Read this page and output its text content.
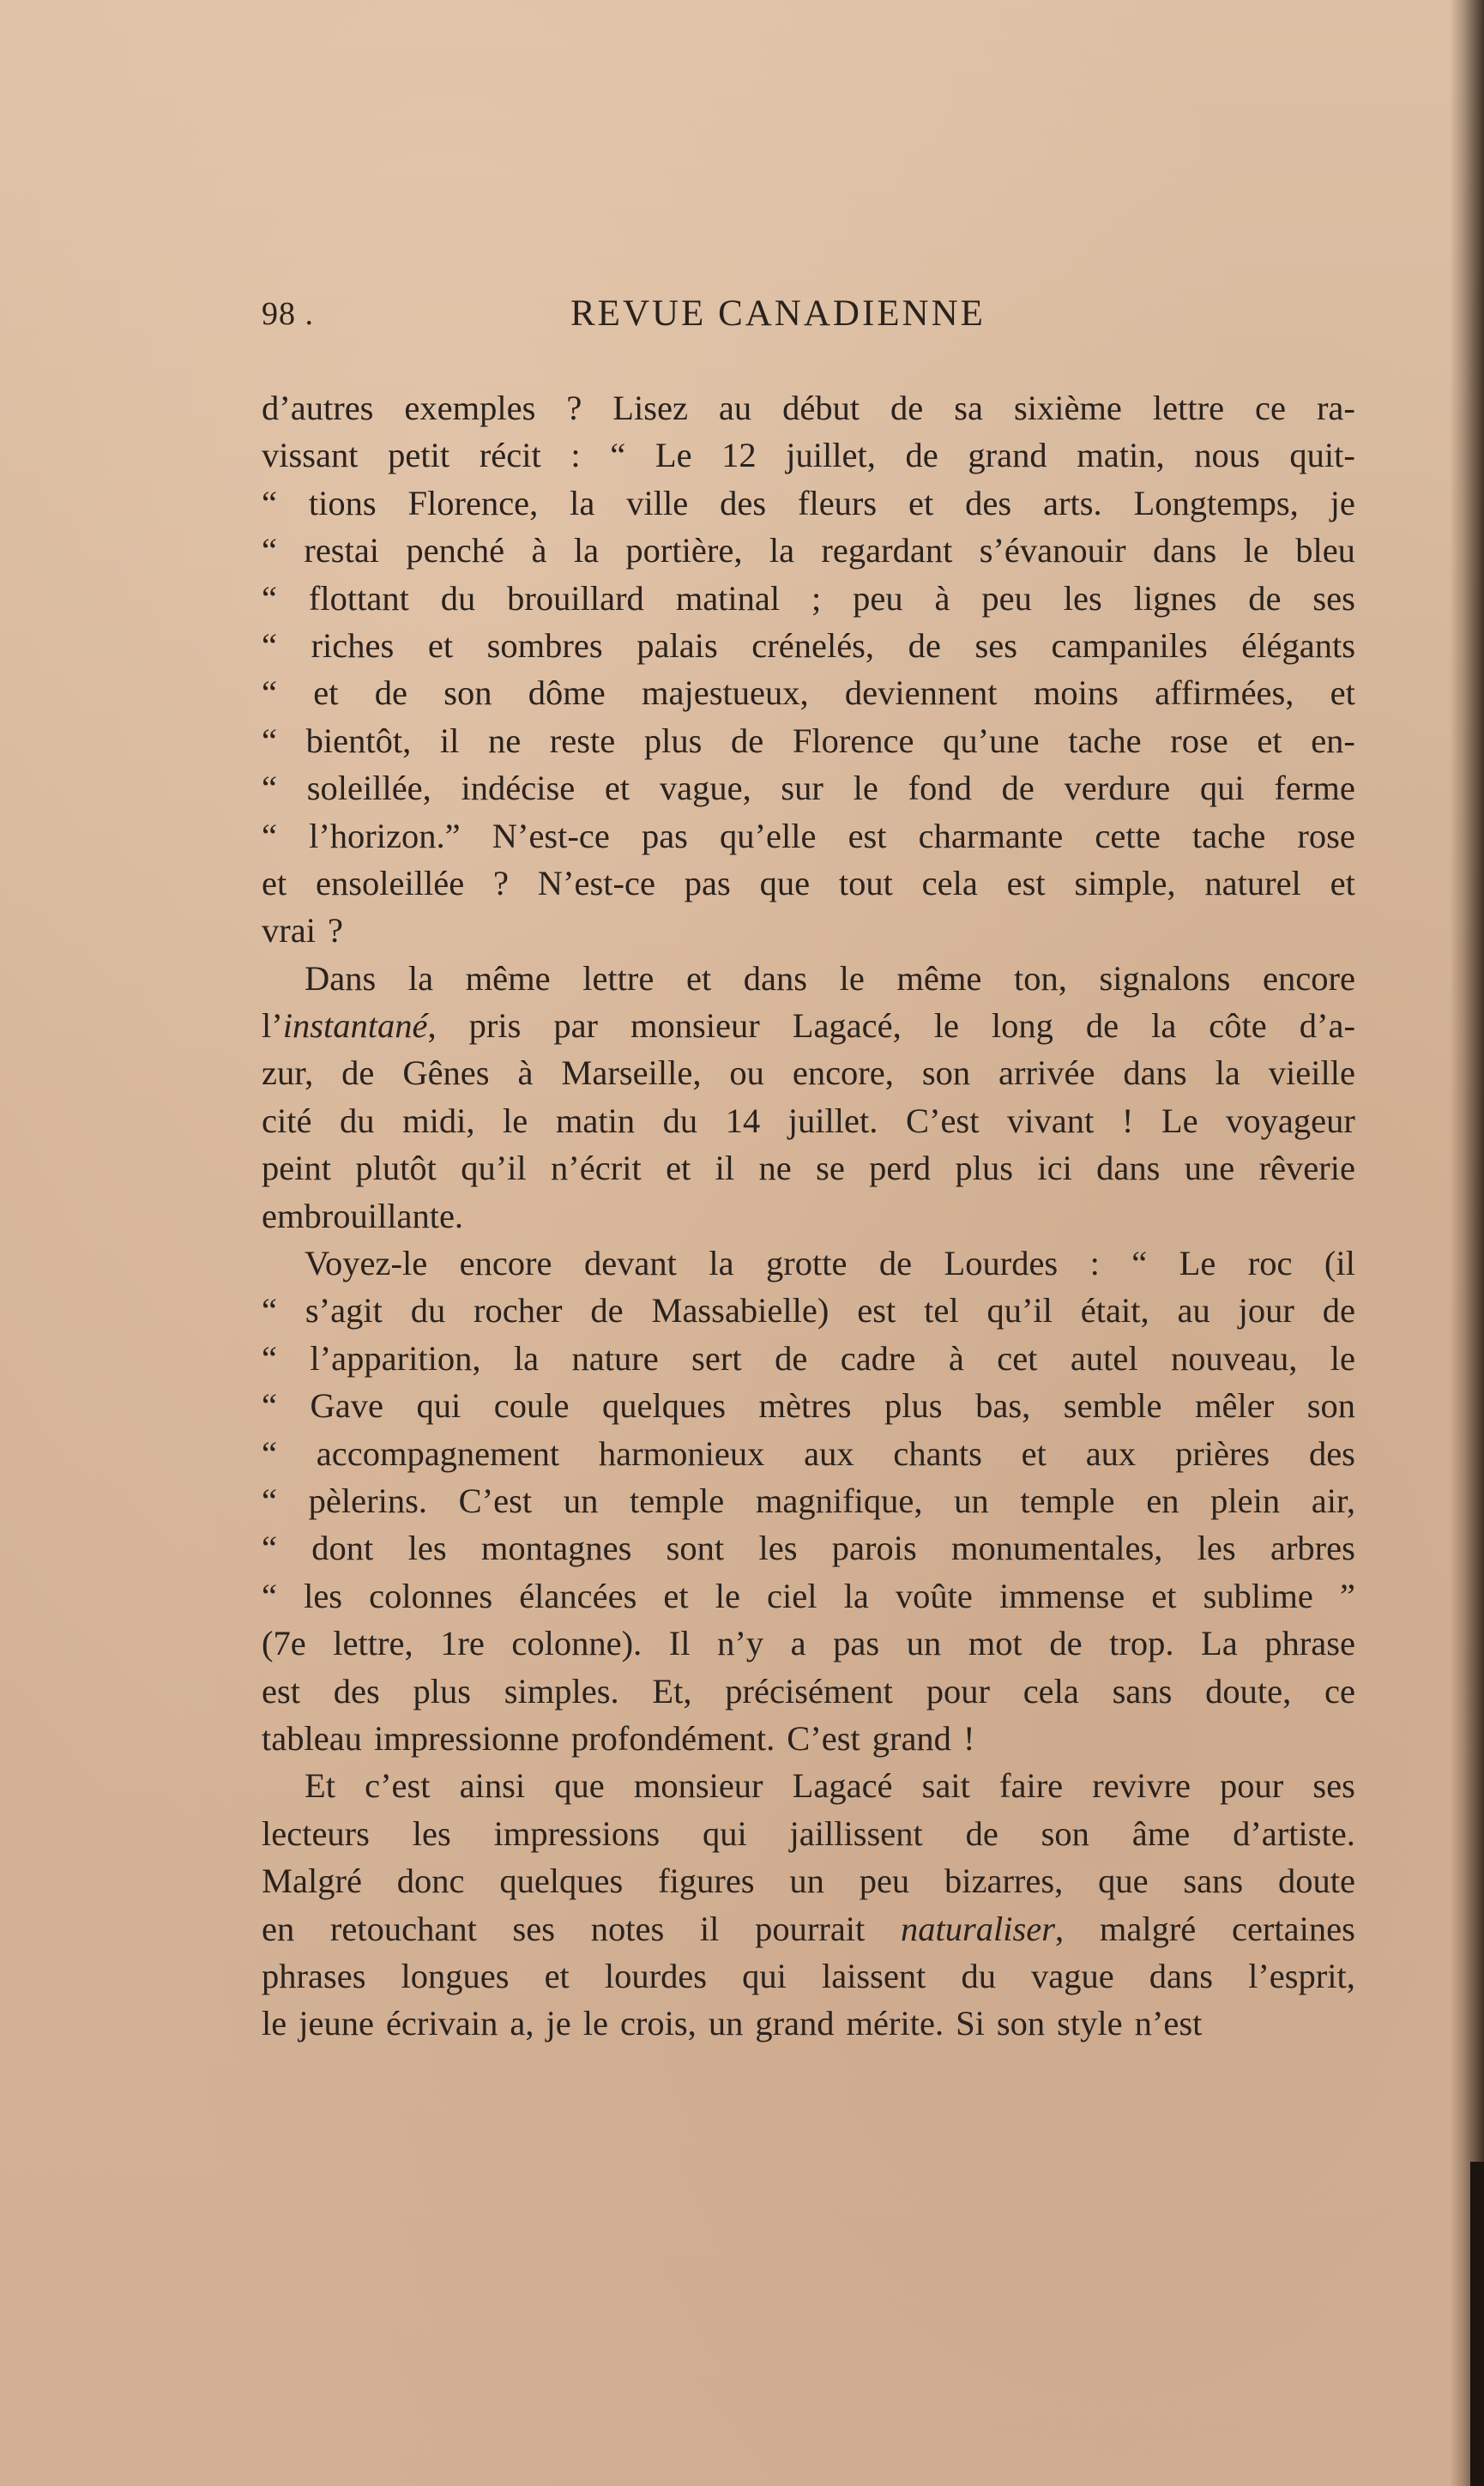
98 .	REVUE CANADIENNE

d’autres exemples ? Lisez au début de sa sixième lettre ce ra-
vissant petit récit : “ Le 12 juillet, de grand matin, nous quit-
“ tions Florence, la ville des fleurs et des arts. Longtemps, je
“ restai penché à la portière, la regardant s’évanouir dans le bleu
“ flottant du brouillard matinal ; peu à peu les lignes de ses
“ riches et sombres palais crénelés, de ses campaniles élégants
“ et de son dôme majestueux, deviennent moins affirmées, et
“ bientôt, il ne reste plus de Florence qu’une tache rose et en-
“ soleillée, indécise et vague, sur le fond de verdure qui ferme
“ l’horizon.” N’est-ce pas qu’elle est charmante cette tache rose
et ensoleillée ? N’est-ce pas que tout cela est simple, naturel et
vrai ?

Dans la même lettre et dans le même ton, signalons encore
l’instantané, pris par monsieur Lagacé, le long de la côte d’a-
zur, de Gênes à Marseille, ou encore, son arrivée dans la vieille
cité du midi, le matin du 14 juillet. C’est vivant ! Le voyageur
peint plutôt qu’il n’écrit et il ne se perd plus ici dans une rêverie
embrouillante.

Voyez-le encore devant la grotte de Lourdes : “ Le roc (il
“ s’agit du rocher de Massabielle) est tel qu’il était, au jour de
“ l’apparition, la nature sert de cadre à cet autel nouveau, le
“ Gave qui coule quelques mètres plus bas, semble mêler son
“ accompagnement harmonieux aux chants et aux prières des
“ pèlerins. C’est un temple magnifique, un temple en plein air,
“ dont les montagnes sont les parois monumentales, les arbres
“ les colonnes élancées et le ciel la voûte immense et sublime ”
(7e lettre, 1re colonne). Il n’y a pas un mot de trop. La phrase
est des plus simples. Et, précisément pour cela sans doute, ce
tableau impressionne profondément. C’est grand !

Et c’est ainsi que monsieur Lagacé sait faire revivre pour ses
lecteurs les impressions qui jaillissent de son âme d’artiste.
Malgré donc quelques figures un peu bizarres, que sans doute
en retouchant ses notes il pourrait naturaliser, malgré certaines
phrases longues et lourdes qui laissent du vague dans l’esprit,
le jeune écrivain a, je le crois, un grand mérite. Si son style n’est
